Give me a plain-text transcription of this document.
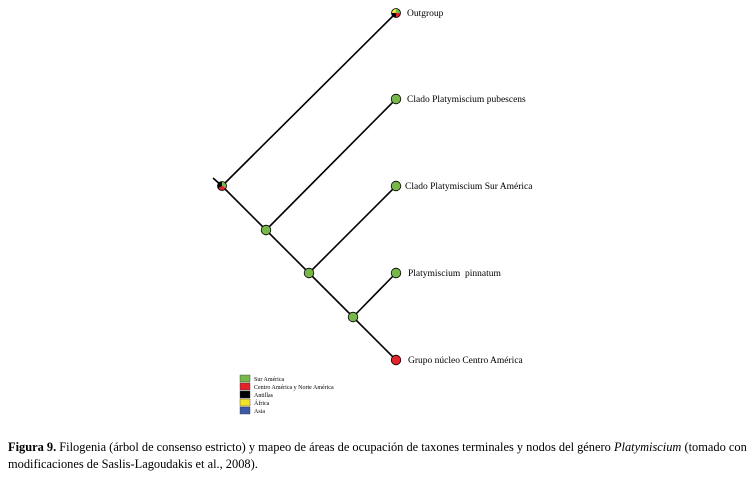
Outgroup
Clado Platymiscium pubescens
Clado Platymiscium Sur América
Platymiscium  pinnatum
Grupo núcleo Centro América
Sur América
Centro América y Norte América
Antillas
África
Asia
Figura 9. Filogenia (árbol de consenso estricto) y mapeo de áreas de ocupación de taxones terminales y nodos del género Platymiscium (tomado con modificaciones de Saslis-Lagoudakis et al., 2008).
